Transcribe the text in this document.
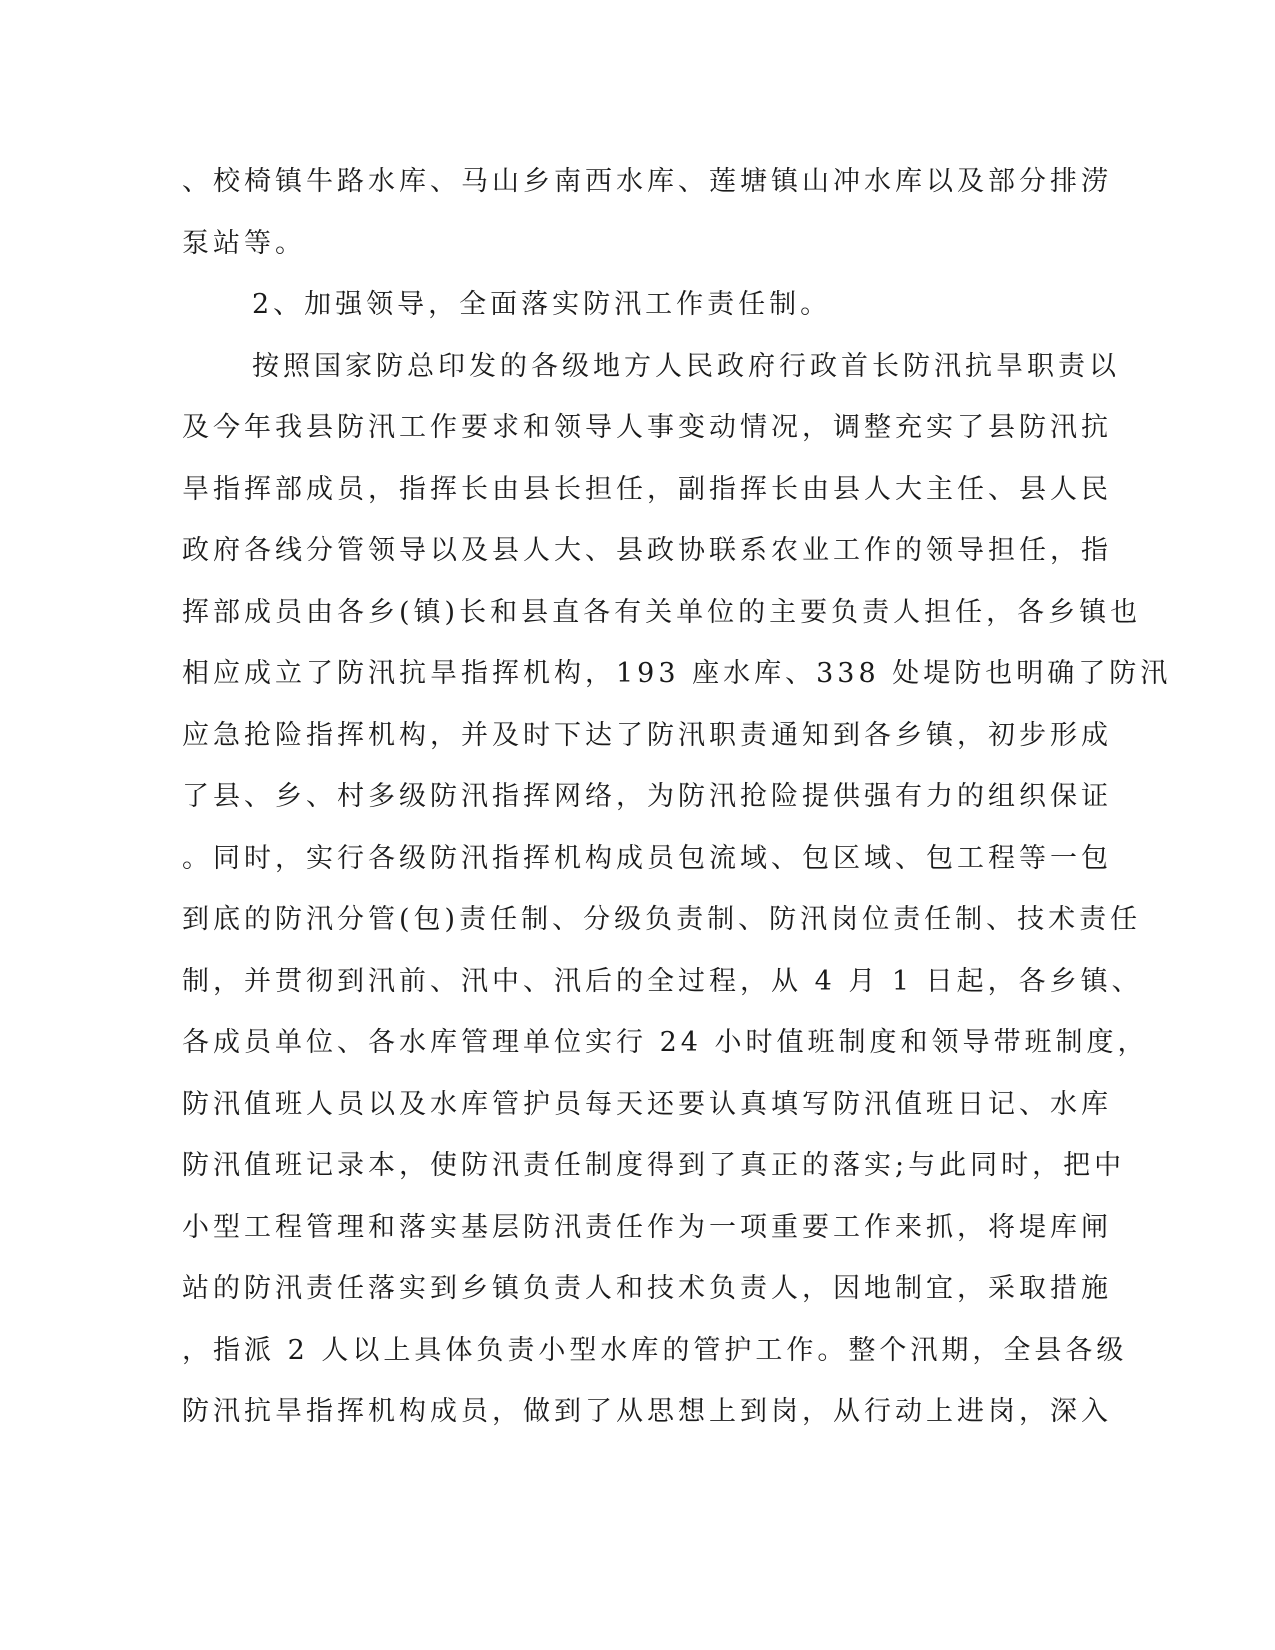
、校椅镇牛路水库、马山乡南西水库、莲塘镇山冲水库以及部分排涝
泵站等。
2、加强领导，全面落实防汛工作责任制。
按照国家防总印发的各级地方人民政府行政首长防汛抗旱职责以
及今年我县防汛工作要求和领导人事变动情况，调整充实了县防汛抗
旱指挥部成员，指挥长由县长担任，副指挥长由县人大主任、县人民
政府各线分管领导以及县人大、县政协联系农业工作的领导担任，指
挥部成员由各乡(镇)长和县直各有关单位的主要负责人担任，各乡镇也
相应成立了防汛抗旱指挥机构，193 座水库、338 处堤防也明确了防汛
应急抢险指挥机构，并及时下达了防汛职责通知到各乡镇，初步形成
了县、乡、村多级防汛指挥网络，为防汛抢险提供强有力的组织保证
。同时，实行各级防汛指挥机构成员包流域、包区域、包工程等一包
到底的防汛分管(包)责任制、分级负责制、防汛岗位责任制、技术责任
制，并贯彻到汛前、汛中、汛后的全过程，从 4 月 1 日起，各乡镇、
各成员单位、各水库管理单位实行 24 小时值班制度和领导带班制度，
防汛值班人员以及水库管护员每天还要认真填写防汛值班日记、水库
防汛值班记录本，使防汛责任制度得到了真正的落实;与此同时，把中
小型工程管理和落实基层防汛责任作为一项重要工作来抓，将堤库闸
站的防汛责任落实到乡镇负责人和技术负责人，因地制宜，采取措施
，指派 2 人以上具体负责小型水库的管护工作。整个汛期，全县各级
防汛抗旱指挥机构成员，做到了从思想上到岗，从行动上进岗，深入
